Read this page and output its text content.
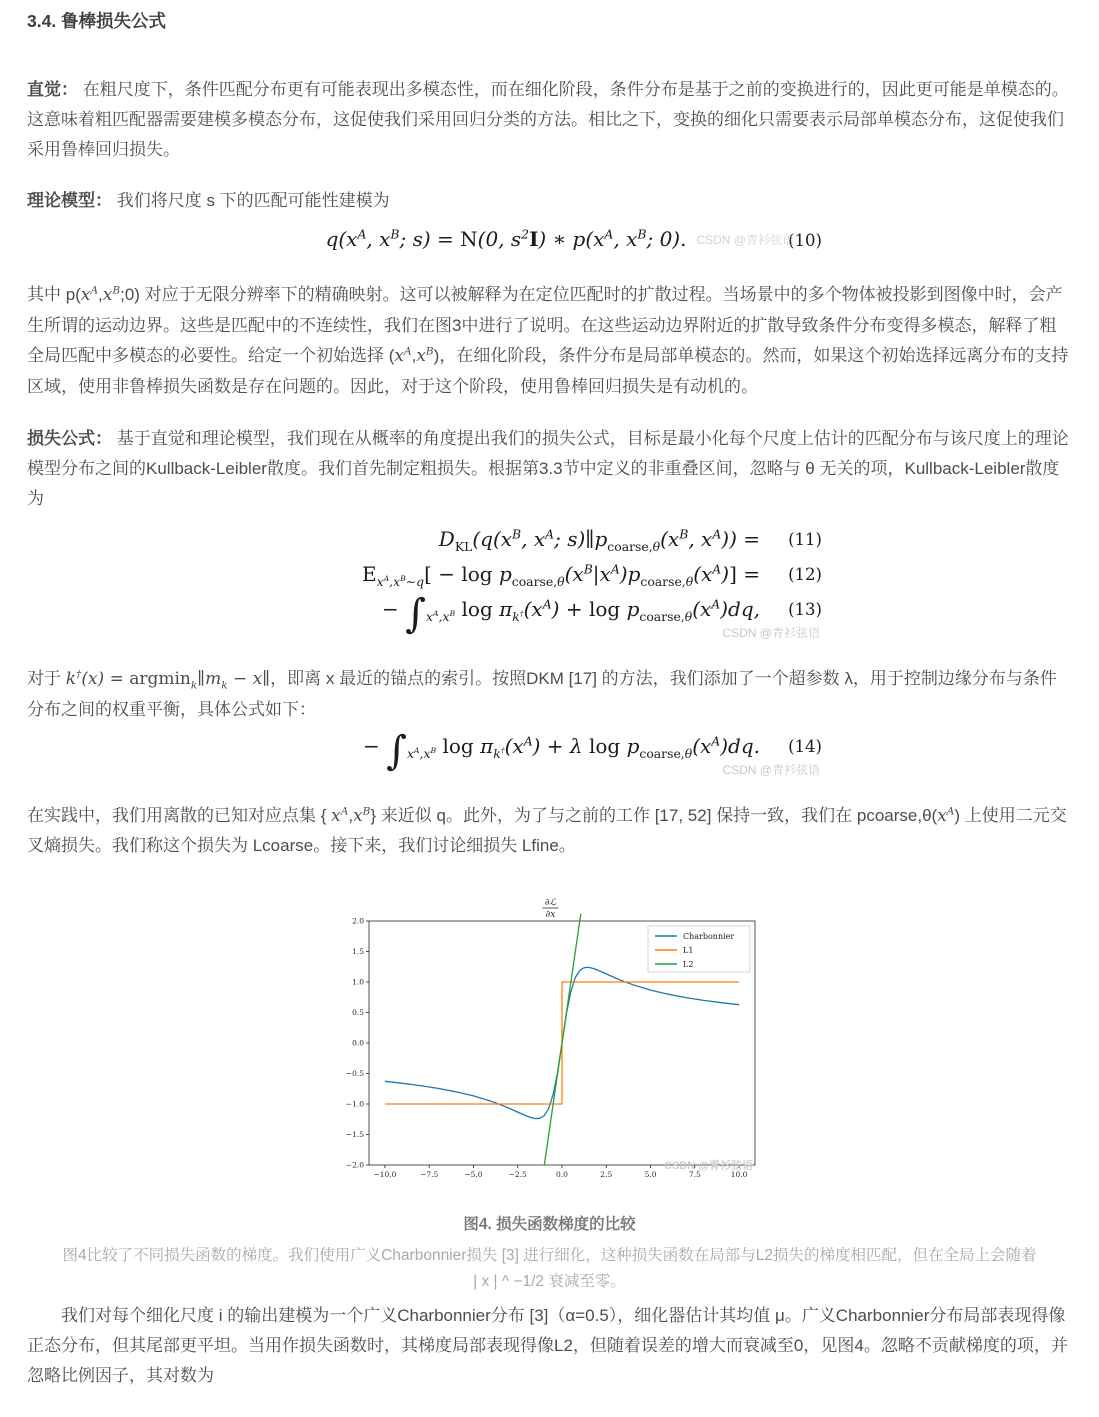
3.4. 鲁棒损失公式

直觉： 在粗尺度下，条件匹配分布更有可能表现出多模态性，而在细化阶段，条件分布是基于之前的变换进行的，因此更可能是单模态的。这意味着粗匹配器需要建模多模态分布，这促使我们采用回归分类的方法。相比之下，变换的细化只需要表示局部单模态分布，这促使我们采用鲁棒回归损失。

理论模型： 我们将尺度 s 下的匹配可能性建模为

$q(x^A$, $x^B$; s) = N(0, $s^2I$) ∗ $p(x^A$, $x^B$; 0). CSDN @青衫弦语
(10)

其中 $p(x^A,x^B;0)$ 对应于无限分辨率下的精确映射。这可以被解释为在定位匹配时的扩散过程。当场景中的多个物体被投影到图像中时，会产生所谓的运动边界。这些是匹配中的不连续性，我们在图3中进行了说明。在这些运动边界附近的扩散导致条件分布变得多模态，解释了粗全局匹配中多模态的必要性。给定一个初始选择 $(x^A,x^B)$，在细化阶段，条件分布是局部单模态的。然而，如果这个初始选择远离分布的支持区域，使用非鲁棒损失函数是存在问题的。因此，对于这个阶段，使用鲁棒回归损失是有动机的。

损失公式： 基于直觉和理论模型，我们现在从概率的角度提出我们的损失公式，目标是最小化每个尺度上估计的匹配分布与该尺度上的理论模型分布之间的Kullback-Leibler散度。我们首先制定粗损失。根据第3.3节中定义的非重叠区间，忽略与 θ 无关的项，Kullback-Leibler散度为

$D_{KL}(q(x^B$, $x^A$; $s)\parallel p_{coarse,\theta}(x^B$, $x^A$)) =	(11)
$E_{x^A,x^B\sim q}[ - \log p_{coarse,\theta}(x^B|x^A)p_{coarse,\theta}(x^A)]$ =	(12)
− $\int_{x^A,x^B}$ $\log \pi_{k^\dagger}(x^A) + \log p_{coarse,\theta}(x^A)dq$,	(13)
CSDN @青衫弦语

对于 $k^\dagger(x) = argmin_k\parallel m_k$ − x∥，即离 x 最近的锚点的索引。按照DKM [17] 的方法，我们添加了一个超参数 λ，用于控制边缘分布与条件分布之间的权重平衡，具体公式如下：

− $\int_{x^A,x^B}$ $\log \pi_{k^\dagger}(x^A) + \lambda$ $\log p_{coarse,\theta}(x^A)dq$.	(14)
CSDN @青衫弦语

在实践中，我们用离散的已知对应点集 { $x^A,x^B$} 来近似 q。此外，为了与之前的工作 [17, 52] 保持一致，我们在 $pcoarse,\theta(x^A)$ 上使用二元交叉熵损失。我们称这个损失为 Lcoarse。接下来，我们讨论细损失 Lfine。

−10.0	−7.5	−5.0	−2.5	0.0	2.5	5.0	7.5	10.0
−2.0
−1.5
−1.0
−0.5
0.0
0.5
1.0
1.5
2.0
Charbonnier
L1
L2
∂ℒ
∂x
CSDN @青衫弦语
图4. 损失函数梯度的比较
图4比较了不同损失函数的梯度。我们使用广义Charbonnier损失 [3] 进行细化，这种损失函数在局部与L2损失的梯度相匹配，但在全局上会随着
| x | ^ −1/2 衰减至零。

我们对每个细化尺度 i 的输出建模为一个广义Charbonnier分布 [3]（α=0.5），细化器估计其均值 μ。广义Charbonnier分布局部表现得像正态分布，但其尾部更平坦。当用作损失函数时，其梯度局部表现得像L2，但随着误差的增大而衰减至0，见图4。忽略不贡献梯度的项，并忽略比例因子，其对数为
